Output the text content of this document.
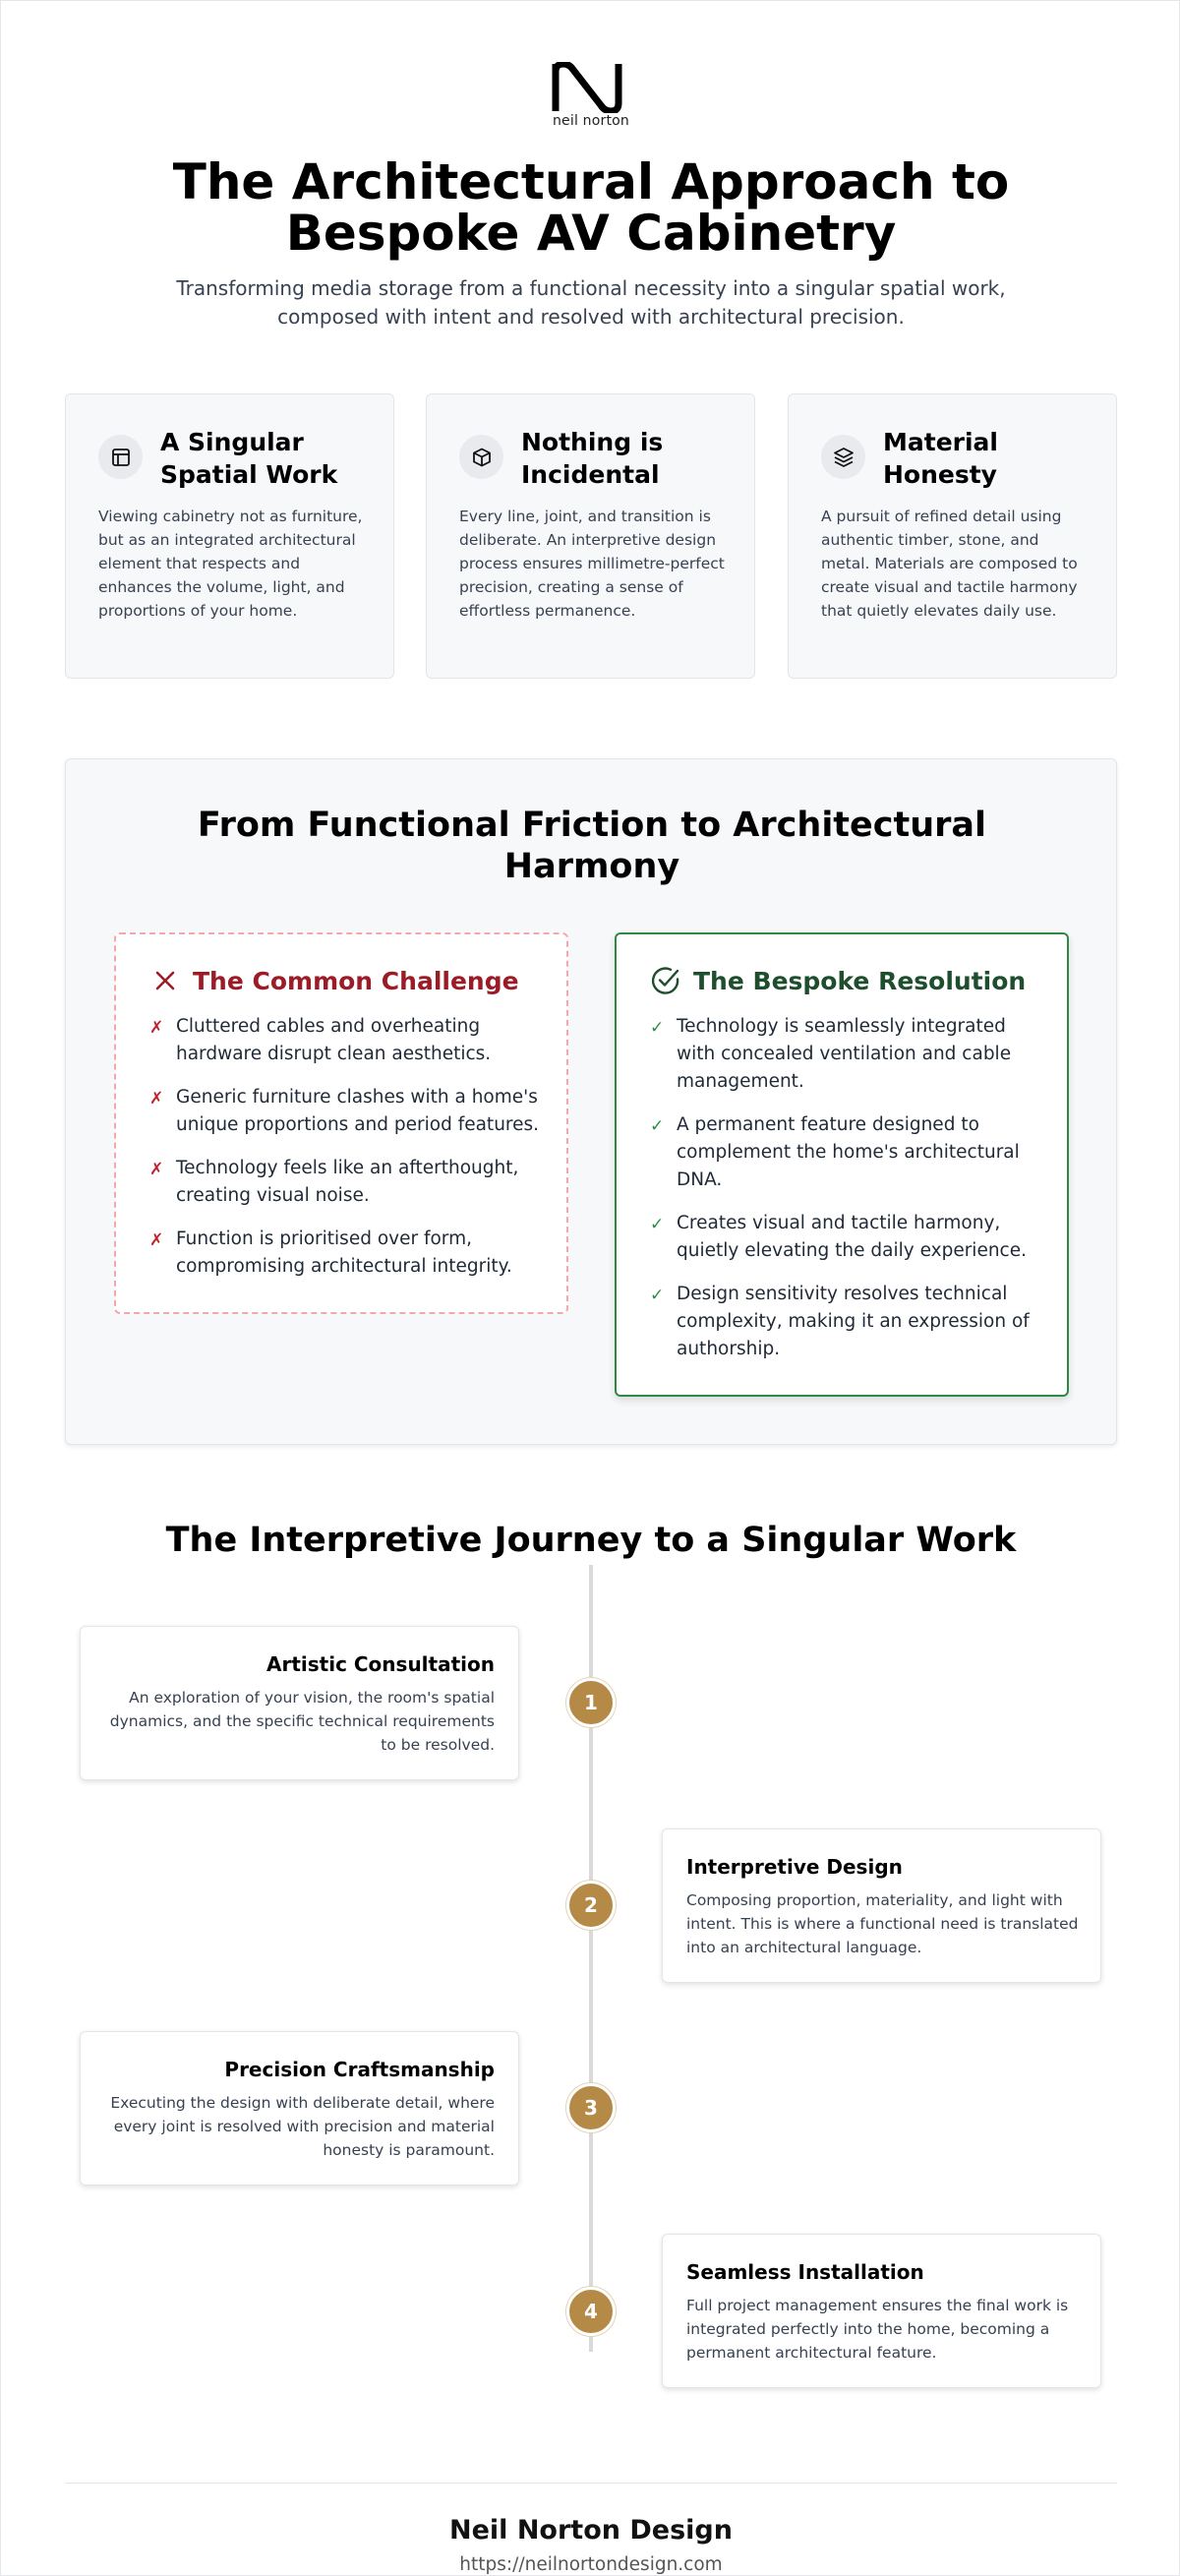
neil norton
The Architectural Approach to Bespoke AV Cabinetry

Transforming media storage from a functional necessity into a singular spatial work, composed with intent and resolved with architectural precision.

A Singular Spatial Work
Viewing cabinetry not as furniture, but as an integrated architectural element that respects and enhances the volume, light, and proportions of your home.
Nothing is Incidental
Every line, joint, and transition is deliberate. An interpretive design process ensures millimetre-perfect precision, creating a sense of effortless permanence.
Material Honesty
A pursuit of refined detail using authentic timber, stone, and metal. Materials are composed to create visual and tactile harmony that quietly elevates daily use.
From Functional Friction to Architectural Harmony
The Common Challenge
✗ Cluttered cables and overheating hardware disrupt clean aesthetics.
✗ Generic furniture clashes with a home's unique proportions and period features.
✗ Technology feels like an afterthought, creating visual noise.
✗ Function is prioritised over form, compromising architectural integrity.
The Bespoke Resolution
✓ Technology is seamlessly integrated with concealed ventilation and cable management.
✓ A permanent feature designed to complement the home's architectural DNA.
✓ Creates visual and tactile harmony, quietly elevating the daily experience.
✓ Design sensitivity resolves technical complexity, making it an expression of authorship.
The Interpretive Journey to a Singular Work
Artistic Consultation
An exploration of your vision, the room's spatial dynamics, and the specific technical requirements to be resolved.
1
Interpretive Design
Composing proportion, materiality, and light with intent. This is where a functional need is translated into an architectural language.
2
Precision Craftsmanship
Executing the design with deliberate detail, where every joint is resolved with precision and material honesty is paramount.
3
Seamless Installation
Full project management ensures the final work is integrated perfectly into the home, becoming a permanent architectural feature.
4
Neil Norton Design
https://neilnortondesign.com
